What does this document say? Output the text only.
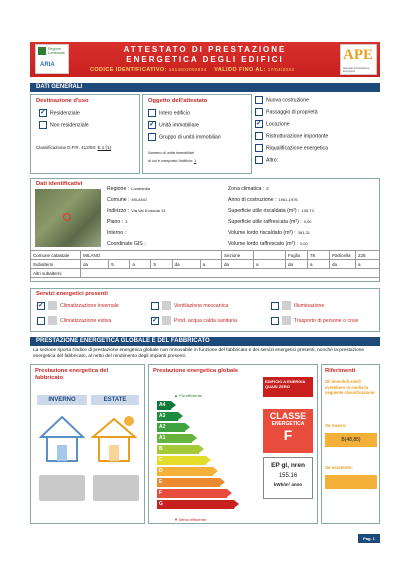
ATTESTATO DI PRESTAZIONE
ENERGETICA DEGLI EDIFICI
CODICE IDENTIFICATIVO: 1514602092924 VALIDO FINO AL: 17/04/2034
Regione Lombardia
ARIA
APE
Attestato di Prestazione Energetica
DATI GENERALI
Destinazione d'uso
✓Residenziale
Non residenziale
Classificazione D.P.R. 412/93: E.1 (1)
Oggetto dell'attestato
Intero edificio
✓Unità immobiliare
Gruppo di unità immobiliari
Numero di unità immobiliari
di cui è composto l'edificio: 1
Nuova costruzione
Passaggio di proprietà
✓Locazione
Ristrutturazione importante
Riqualificazione energetica
Altro:
Dati identificativi
Regione : Lombardia
Comune : MILANO
Indirizzo : Via Val D'ossola 13
Piano : 3
Interno :
Coordinate GIS :
Zona climatica : E
Anno di costruzione : 1961-1976
Superficie utile riscaldata (m²) : 108,73
Superficie utile raffrescata (m²) : 0,00
Volume lordo riscaldato (m³) : 381,31
Volume lordo raffrescato (m³) : 0,00
Comune catastale	MILANO						Sezione		Foglio	78	Particella	228
Subalterni	da	5	a	5	da	a	da	a	da	a	da	a
Altri subalterni												
Servizi energetici presenti
✓Climatizzazione invernale
Climatizzazione estiva
Ventilazione meccanica
✓Prod. acqua calda sanitaria
Illuminazione
Trasporto di persone o cose
PRESTAZIONE ENERGETICA GLOBALE E DEL FABBRICATO
La sezione riporta l'indice di prestazione energetica globale non rinnovabile in funzione del fabbricato e dei servizi energetici presenti, nonché la prestazione energetica del fabbricato, al netto del rendimento degli impianti presenti.
Prestazione energetica del fabbricato
INVERNO	ESTATE
Prestazione energetica globale
▲ Più efficiente
A4
A3
A2
A1
B
C
D
E
F
G
▼ Meno efficiente
EDIFICIO A ENERGIA QUASI ZERO
CLASSE
ENERGETICA
F
EP gl, nren
155.16
kWh/m² anno
Riferimenti
Gli immobili simili avrebbero in media la seguente classificazione:
Se nuovo:
B(48,85)
Se esistente:
Pag. 1
